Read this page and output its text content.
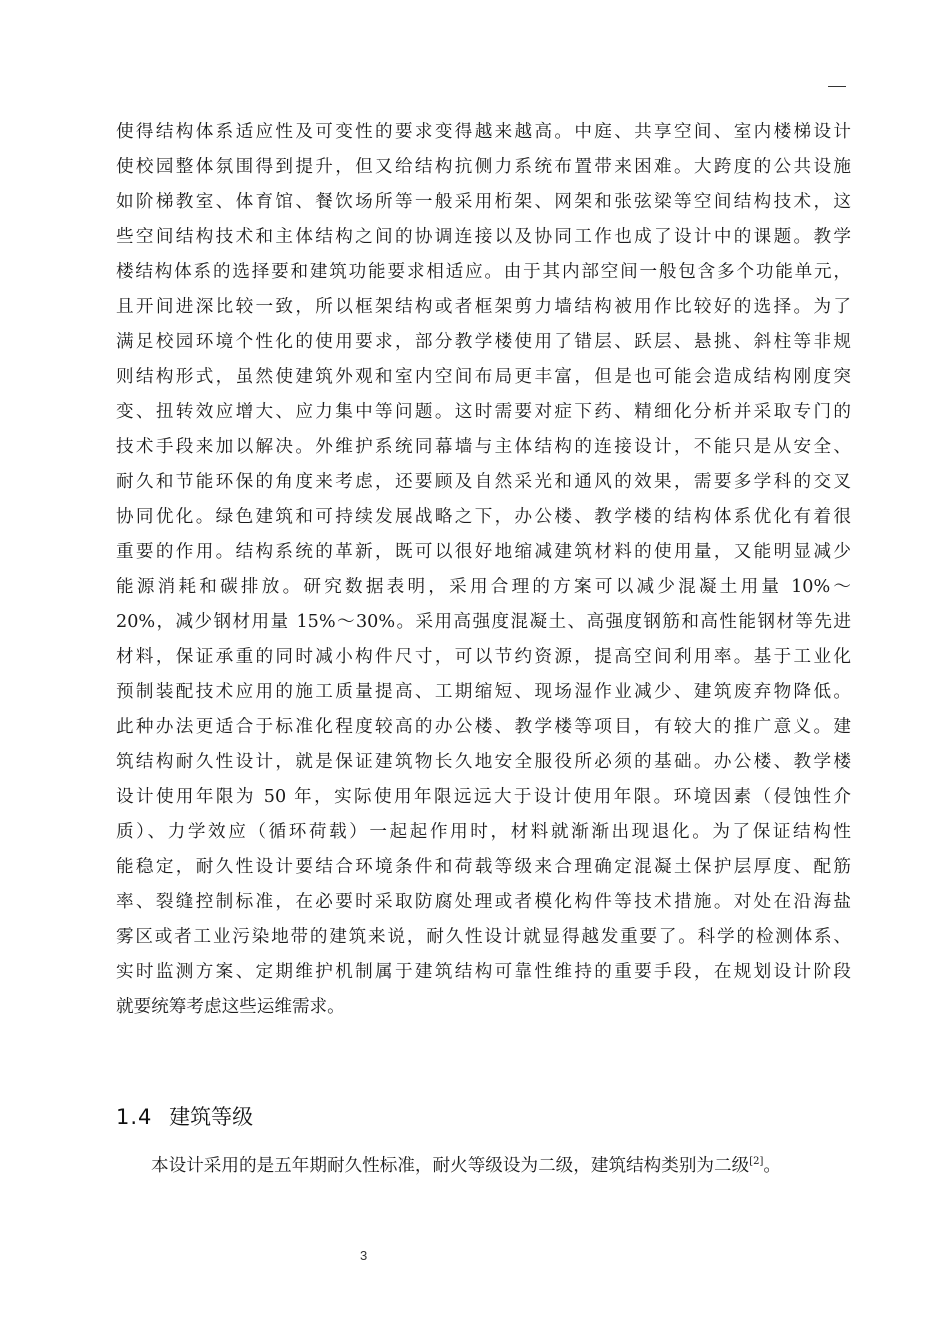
使得结构体系适应性及可变性的要求变得越来越高。中庭、共享空间、室内楼梯设计
使校园整体氛围得到提升，但又给结构抗侧力系统布置带来困难。大跨度的公共设施
如阶梯教室、体育馆、餐饮场所等一般采用桁架、网架和张弦梁等空间结构技术，这
些空间结构技术和主体结构之间的协调连接以及协同工作也成了设计中的课题。教学
楼结构体系的选择要和建筑功能要求相适应。由于其内部空间一般包含多个功能单元，
且开间进深比较一致，所以框架结构或者框架剪力墙结构被用作比较好的选择。为了
满足校园环境个性化的使用要求，部分教学楼使用了错层、跃层、悬挑、斜柱等非规
则结构形式，虽然使建筑外观和室内空间布局更丰富，但是也可能会造成结构刚度突
变、扭转效应增大、应力集中等问题。这时需要对症下药、精细化分析并采取专门的
技术手段来加以解决。外维护系统同幕墙与主体结构的连接设计，不能只是从安全、
耐久和节能环保的角度来考虑，还要顾及自然采光和通风的效果，需要多学科的交叉
协同优化。绿色建筑和可持续发展战略之下，办公楼、教学楼的结构体系优化有着很
重要的作用。结构系统的革新，既可以很好地缩减建筑材料的使用量，又能明显减少
能源消耗和碳排放。研究数据表明，采用合理的方案可以减少混凝土用量 10%～
20%，减少钢材用量 15%～30%。采用高强度混凝土、高强度钢筋和高性能钢材等先进
材料，保证承重的同时减小构件尺寸，可以节约资源，提高空间利用率。基于工业化
预制装配技术应用的施工质量提高、工期缩短、现场湿作业减少、建筑废弃物降低。
此种办法更适合于标准化程度较高的办公楼、教学楼等项目，有较大的推广意义。建
筑结构耐久性设计，就是保证建筑物长久地安全服役所必须的基础。办公楼、教学楼
设计使用年限为 50 年，实际使用年限远远大于设计使用年限。环境因素（侵蚀性介
质）、力学效应（循环荷载）一起起作用时，材料就渐渐出现退化。为了保证结构性
能稳定，耐久性设计要结合环境条件和荷载等级来合理确定混凝土保护层厚度、配筋
率、裂缝控制标准，在必要时采取防腐处理或者模化构件等技术措施。对处在沿海盐
雾区或者工业污染地带的建筑来说，耐久性设计就显得越发重要了。科学的检测体系、
实时监测方案、定期维护机制属于建筑结构可靠性维持的重要手段，在规划设计阶段
就要统筹考虑这些运维需求。
1.4 建筑等级
本设计采用的是五年期耐久性标准，耐火等级设为二级，建筑结构类别为二级[2]。
3
